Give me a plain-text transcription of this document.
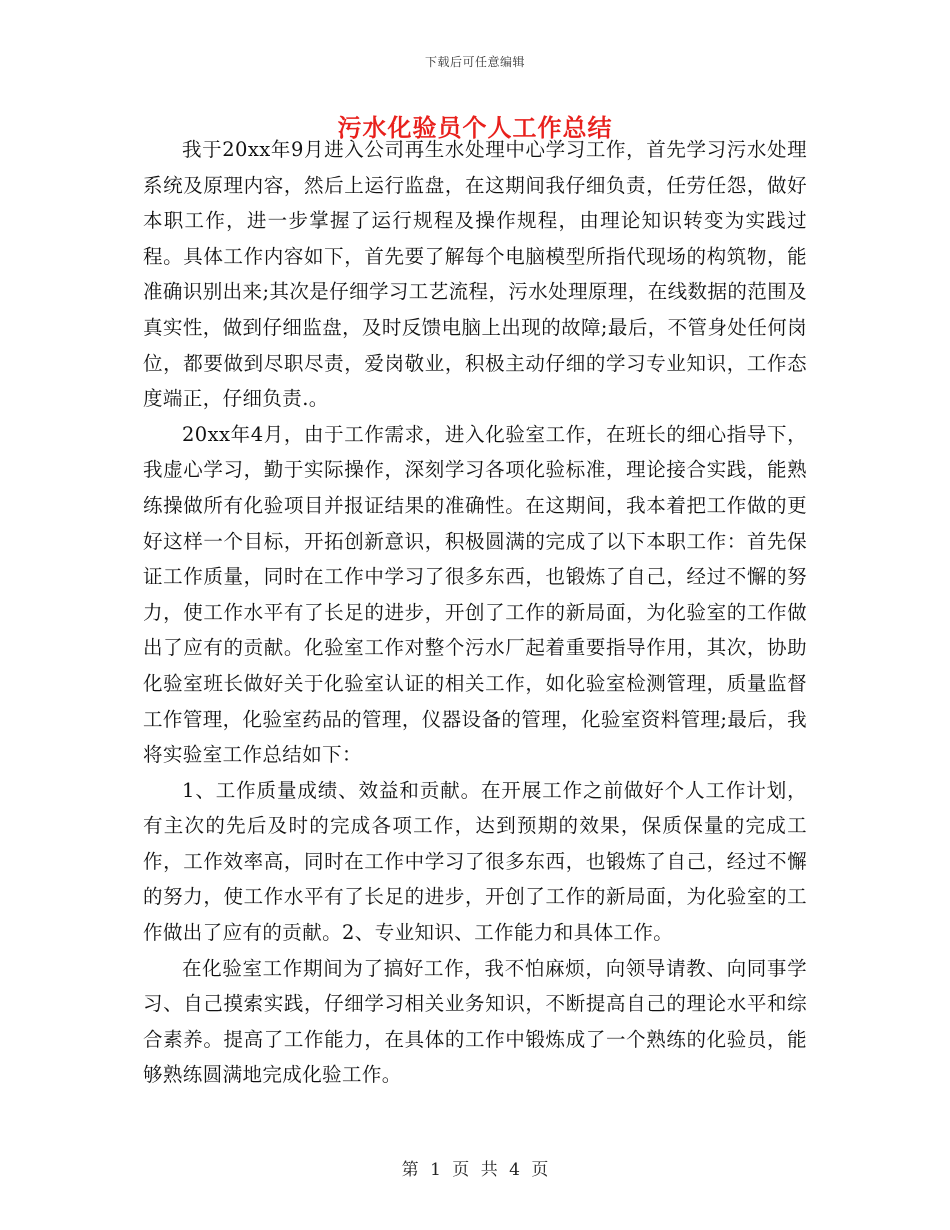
下载后可任意编辑
污水化验员个人工作总结

我于20xx年9月进入公司再生水处理中心学习工作，首先学习污水处理系统及原理内容，然后上运行监盘，在这期间我仔细负责，任劳任怨，做好本职工作，进一步掌握了运行规程及操作规程，由理论知识转变为实践过程。具体工作内容如下，首先要了解每个电脑模型所指代现场的构筑物，能准确识别出来;其次是仔细学习工艺流程，污水处理原理，在线数据的范围及真实性，做到仔细监盘，及时反馈电脑上出现的故障;最后，不管身处任何岗位，都要做到尽职尽责，爱岗敬业，积极主动仔细的学习专业知识，工作态度端正，仔细负责.。

20xx年4月，由于工作需求，进入化验室工作，在班长的细心指导下，我虚心学习，勤于实际操作，深刻学习各项化验标准，理论接合实践，能熟练操做所有化验项目并报证结果的准确性。在这期间，我本着把工作做的更好这样一个目标，开拓创新意识，积极圆满的完成了以下本职工作：首先保证工作质量，同时在工作中学习了很多东西，也锻炼了自己，经过不懈的努力，使工作水平有了长足的进步，开创了工作的新局面，为化验室的工作做出了应有的贡献。化验室工作对整个污水厂起着重要指导作用，其次，协助化验室班长做好关于化验室认证的相关工作，如化验室检测管理，质量监督工作管理，化验室药品的管理，仪器设备的管理，化验室资料管理;最后，我将实验室工作总结如下：

1、工作质量成绩、效益和贡献。在开展工作之前做好个人工作计划，有主次的先后及时的完成各项工作，达到预期的效果，保质保量的完成工作，工作效率高，同时在工作中学习了很多东西，也锻炼了自己，经过不懈的努力，使工作水平有了长足的进步，开创了工作的新局面，为化验室的工作做出了应有的贡献。2、专业知识、工作能力和具体工作。

在化验室工作期间为了搞好工作，我不怕麻烦，向领导请教、向同事学习、自己摸索实践，仔细学习相关业务知识，不断提高自己的理论水平和综合素养。提高了工作能力，在具体的工作中锻炼成了一个熟练的化验员，能够熟练圆满地完成化验工作。

第 1 页 共 4 页
